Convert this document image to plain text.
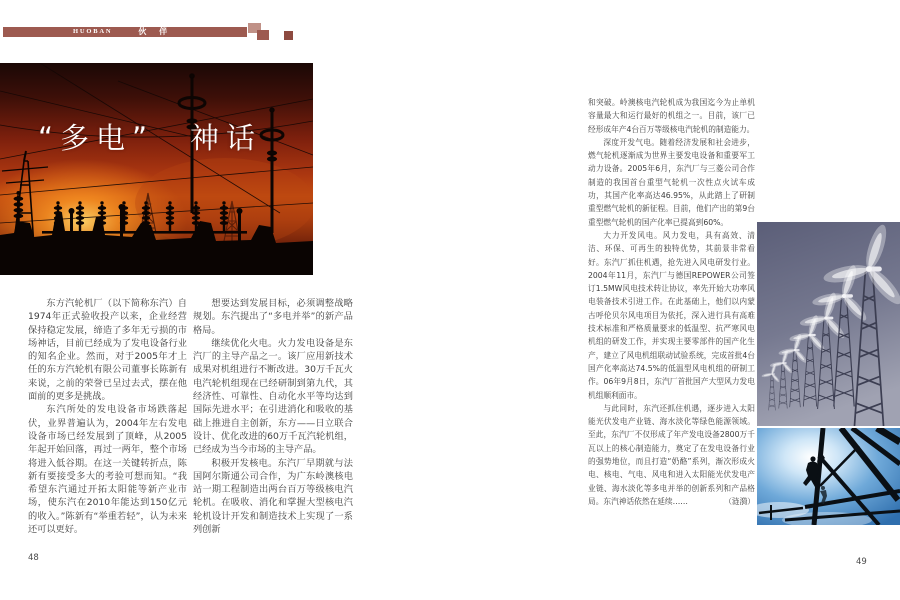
HUOBAN	伙 伴
“多电”　神话

东方汽轮机厂（以下简称东汽）自1974年正式验收投产以来，企业经营保持稳定发展，缔造了多年无亏损的市场神话，目前已经成为了发电设备行业的知名企业。然而，对于2005年才上任的东方汽轮机有限公司董事长陈新有来说，之前的荣誉已呈过去式，摆在他面前的更多是挑战。

东汽所处的发电设备市场跌落起伏，业界普遍认为，2004年左右发电设备市场已经发展到了顶峰，从2005年起开始回落，再过一两年，整个市场将进入低谷期。在这一关键转折点，陈新有要接受多大的考验可想而知。“我希望东汽通过开拓太阳能等新产业市场，使东汽在2010年能达到150亿元的收入。”陈新有“举重若轻”，认为未来还可以更好。

想要达到发展目标，必须调整战略规划。东汽提出了“多电并举”的新产品格局。

继续优化火电。火力发电设备是东汽厂的主导产品之一。该厂应用新技术成果对机组进行不断改进。30万千瓦火电汽轮机组现在已经研制到第九代，其经济性、可靠性、自动化水平等均达到国际先进水平；在引进消化和吸收的基础上推进自主创新，东方——日立联合设计、优化改进的60万千瓦汽轮机组，已经成为当今市场的主导产品。

积极开发核电。东汽厂早期就与法国阿尔斯通公司合作，为广东岭澳核电站一期工程制造出两台百万等级核电汽轮机。在吸收、消化和掌握大型核电汽轮机设计开发和制造技术上实现了一系列创新

48

和突破。岭澳核电汽轮机成为我国迄今为止单机容量最大和运行最好的机组之一。目前，该厂已经形成年产4台百万等级核电汽轮机的制造能力。

深度开发气电。随着经济发展和社会进步，燃气轮机逐渐成为世界主要发电设备和重要军工动力设备。2005年6月，东汽厂与三菱公司合作制造的我国首台重型气轮机一次性点火试车成功，其国产化率高达46.95%，从此踏上了研制重型燃气轮机的新征程。目前，他们产出的第9台重型燃气轮机的国产化率已提高到60%。

大力开发风电。风力发电，具有高效、清洁、环保、可再生的独特优势，其前景非常看好。东汽厂抓住机遇，抢先进入风电研发行业。2004年11月，东汽厂与德国REPOWER公司签订1.5MW风电技术转让协议，率先开始大功率风电装备技术引进工作。在此基础上，他们以内蒙古呼伦贝尔风电项目为依托，深入进行具有高难技术标准和严格质量要求的低温型、抗严寒风电机组的研发工作，并实现主要零部件的国产化生产，建立了风电机组联动试验系统，完成首批4台国产化率高达74.5%的低温型风电机组的研制工作。06年9月8日，东汽厂首批国产大型风力发电机组顺利面市。

与此同时，东汽还抓住机遇，逐步进入太阳能光伏发电产业链、海水淡化等绿色能源领域。至此，东汽厂不仅形成了年产发电设备2800万千瓦以上的核心制造能力，奠定了在发电设备行业的强势地位，而且打造“奶酪”系列，渐次形成火电、核电、气电、风电和进入太阳能光伏发电产业链、海水淡化等多电并举的创新系列和产品格局。东汽神话依然在延续……	（涟漪）

49
